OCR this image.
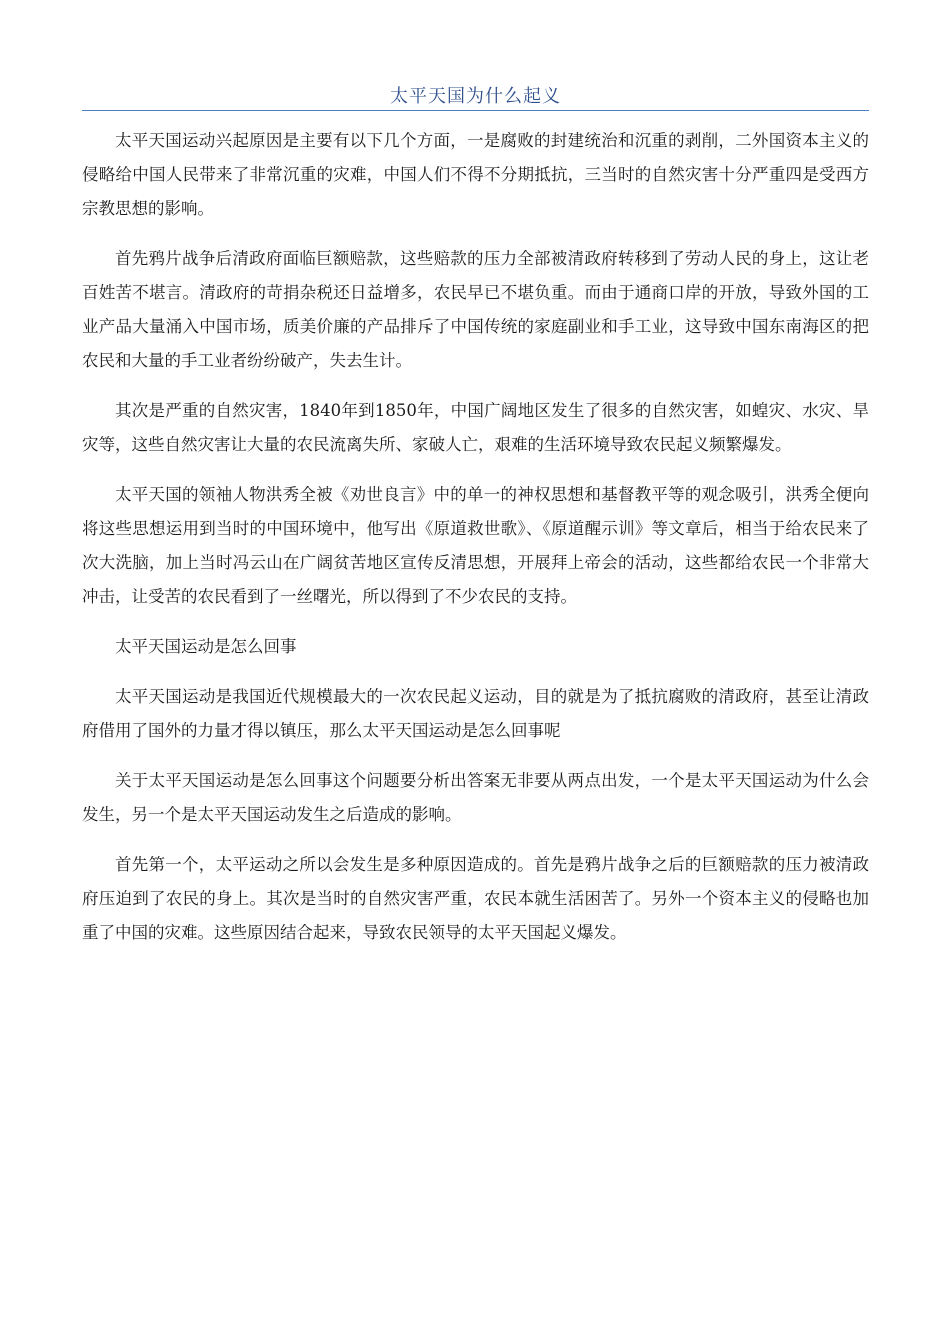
太平天国为什么起义

太平天国运动兴起原因是主要有以下几个方面，一是腐败的封建统治和沉重的剥削，二外国资本主义的侵略给中国人民带来了非常沉重的灾难，中国人们不得不分期抵抗，三当时的自然灾害十分严重四是受西方宗教思想的影响。

首先鸦片战争后清政府面临巨额赔款，这些赔款的压力全部被清政府转移到了劳动人民的身上，这让老百姓苦不堪言。清政府的苛捐杂税还日益增多，农民早已不堪负重。而由于通商口岸的开放，导致外国的工业产品大量涌入中国市场，质美价廉的产品排斥了中国传统的家庭副业和手工业，这导致中国东南海区的把农民和大量的手工业者纷纷破产，失去生计。

其次是严重的自然灾害，1840年到1850年，中国广阔地区发生了很多的自然灾害，如蝗灾、水灾、旱灾等，这些自然灾害让大量的农民流离失所、家破人亡，艰难的生活环境导致农民起义频繁爆发。

太平天国的领袖人物洪秀全被《劝世良言》中的单一的神权思想和基督教平等的观念吸引，洪秀全便向将这些思想运用到当时的中国环境中，他写出《原道救世歌》、《原道醒示训》等文章后，相当于给农民来了次大洗脑，加上当时冯云山在广阔贫苦地区宣传反清思想，开展拜上帝会的活动，这些都给农民一个非常大冲击，让受苦的农民看到了一丝曙光，所以得到了不少农民的支持。

太平天国运动是怎么回事

太平天国运动是我国近代规模最大的一次农民起义运动，目的就是为了抵抗腐败的清政府，甚至让清政府借用了国外的力量才得以镇压，那么太平天国运动是怎么回事呢

关于太平天国运动是怎么回事这个问题要分析出答案无非要从两点出发，一个是太平天国运动为什么会发生，另一个是太平天国运动发生之后造成的影响。

首先第一个，太平运动之所以会发生是多种原因造成的。首先是鸦片战争之后的巨额赔款的压力被清政府压迫到了农民的身上。其次是当时的自然灾害严重，农民本就生活困苦了。另外一个资本主义的侵略也加重了中国的灾难。这些原因结合起来，导致农民领导的太平天国起义爆发。
